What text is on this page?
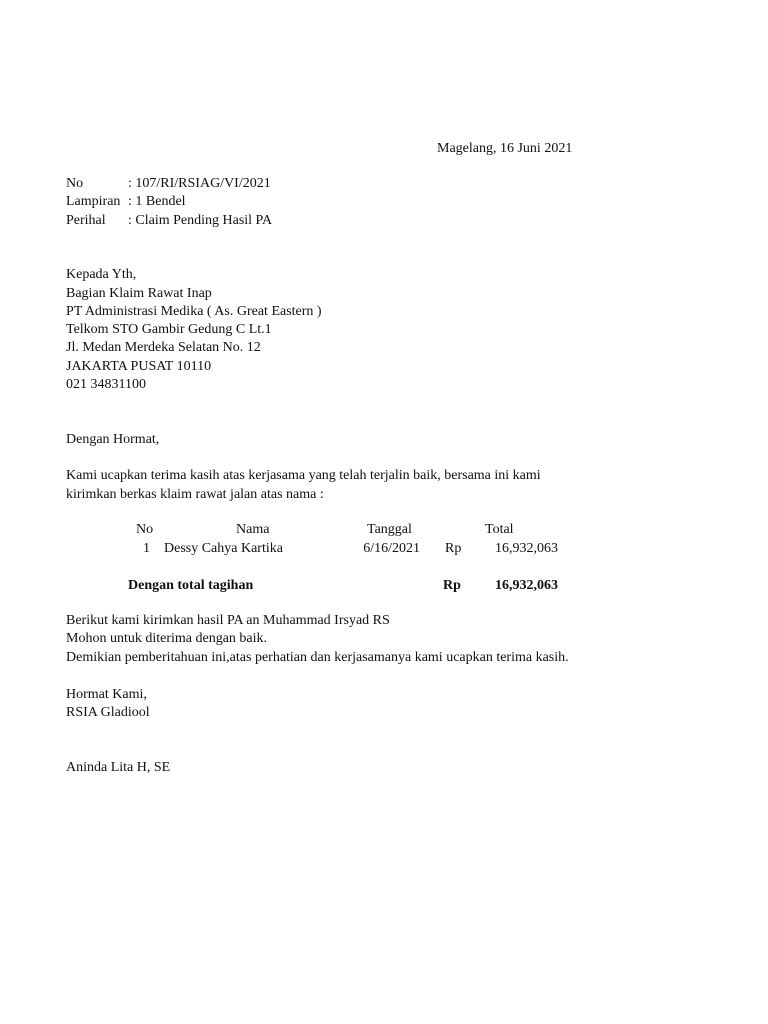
Magelang, 16 Juni 2021
No	: 107/RI/RSIAG/VI/2021
Lampiran : 1 Bendel
Perihal	: Claim Pending Hasil PA
Kepada Yth,
Bagian Klaim Rawat Inap
PT Administrasi Medika ( As. Great Eastern )
Telkom STO Gambir Gedung C Lt.1
Jl. Medan Merdeka Selatan No. 12
JAKARTA PUSAT 10110
021 34831100
Dengan Hormat,
Kami ucapkan terima kasih atas kerjasama yang telah terjalin baik, bersama ini kami
kirimkan berkas klaim rawat jalan atas nama :
No	Nama	Tanggal	Total
1 Dessy Cahya Kartika	6/16/2021 Rp	16,932,063
Dengan total tagihan	Rp	16,932,063
Berikut kami kirimkan hasil PA an Muhammad Irsyad RS
Mohon untuk diterima dengan baik.
Demikian pemberitahuan ini,atas perhatian dan kerjasamanya kami ucapkan terima kasih.
Hormat Kami,
RSIA Gladiool
Aninda Lita H, SE
